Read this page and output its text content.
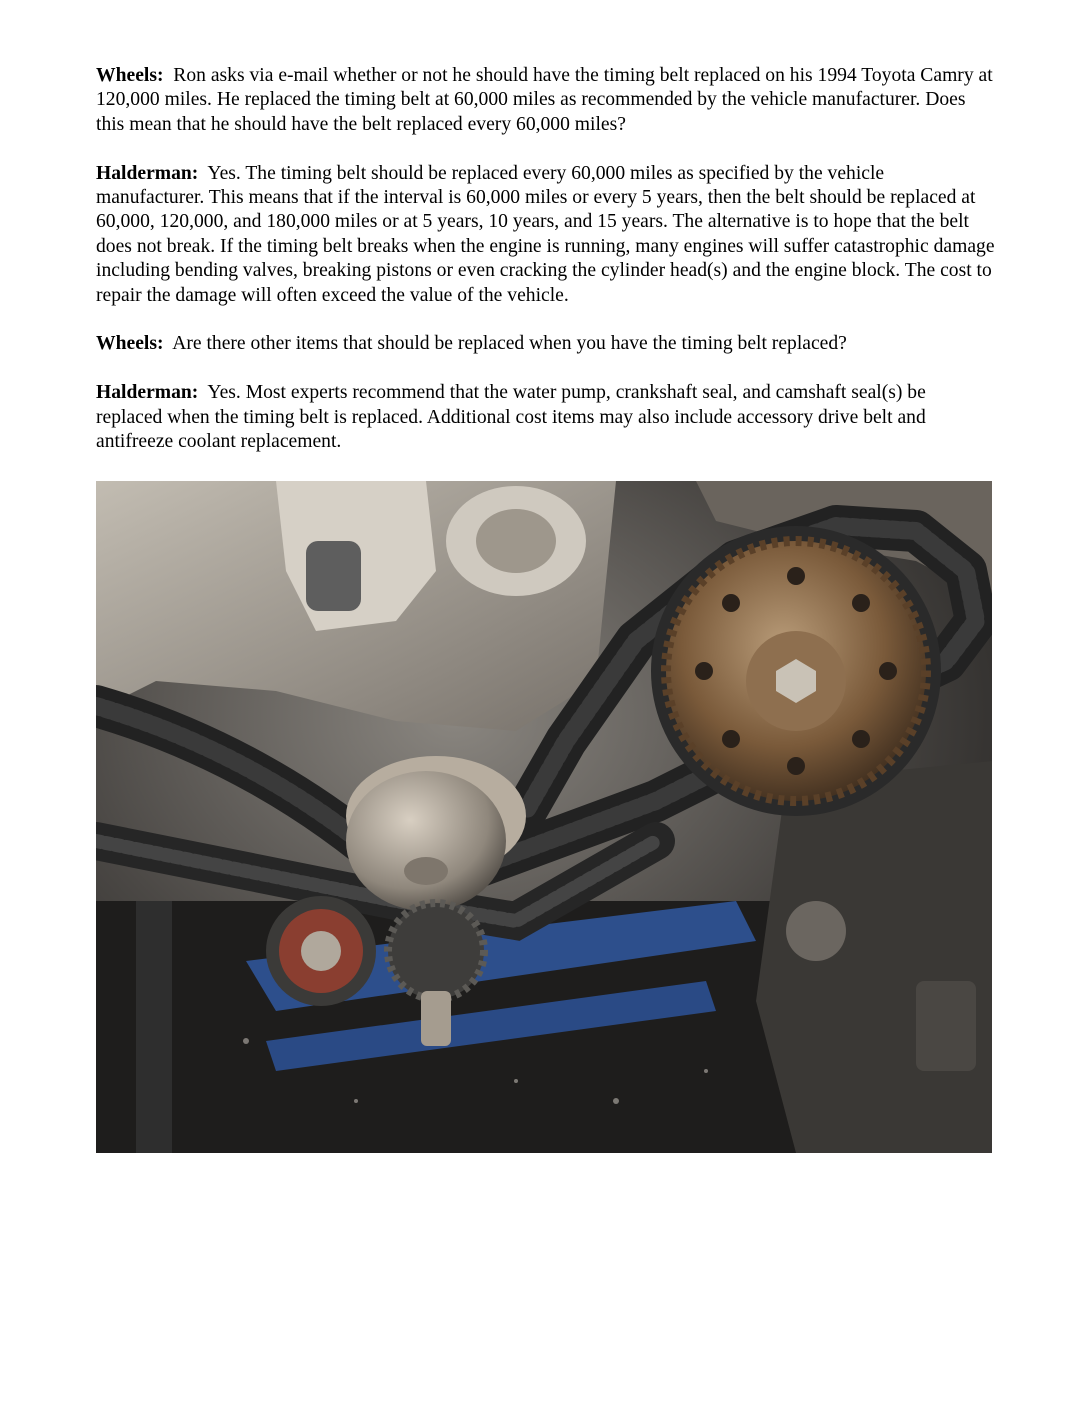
Wheels: Ron asks via e-mail whether or not he should have the timing belt replaced on his 1994 Toyota Camry at 120,000 miles. He replaced the timing belt at 60,000 miles as recommended by the vehicle manufacturer. Does this mean that he should have the belt replaced every 60,000 miles?

Halderman: Yes. The timing belt should be replaced every 60,000 miles as specified by the vehicle manufacturer. This means that if the interval is 60,000 miles or every 5 years, then the belt should be replaced at 60,000, 120,000, and 180,000 miles or at 5 years, 10 years, and 15 years. The alternative is to hope that the belt does not break. If the timing belt breaks when the engine is running, many engines will suffer catastrophic damage including bending valves, breaking pistons or even cracking the cylinder head(s) and the engine block. The cost to repair the damage will often exceed the value of the vehicle.

Wheels: Are there other items that should be replaced when you have the timing belt replaced?

Halderman: Yes. Most experts recommend that the water pump, crankshaft seal, and camshaft seal(s) be replaced when the timing belt is replaced. Additional cost items may also include accessory drive belt and antifreeze coolant replacement.
